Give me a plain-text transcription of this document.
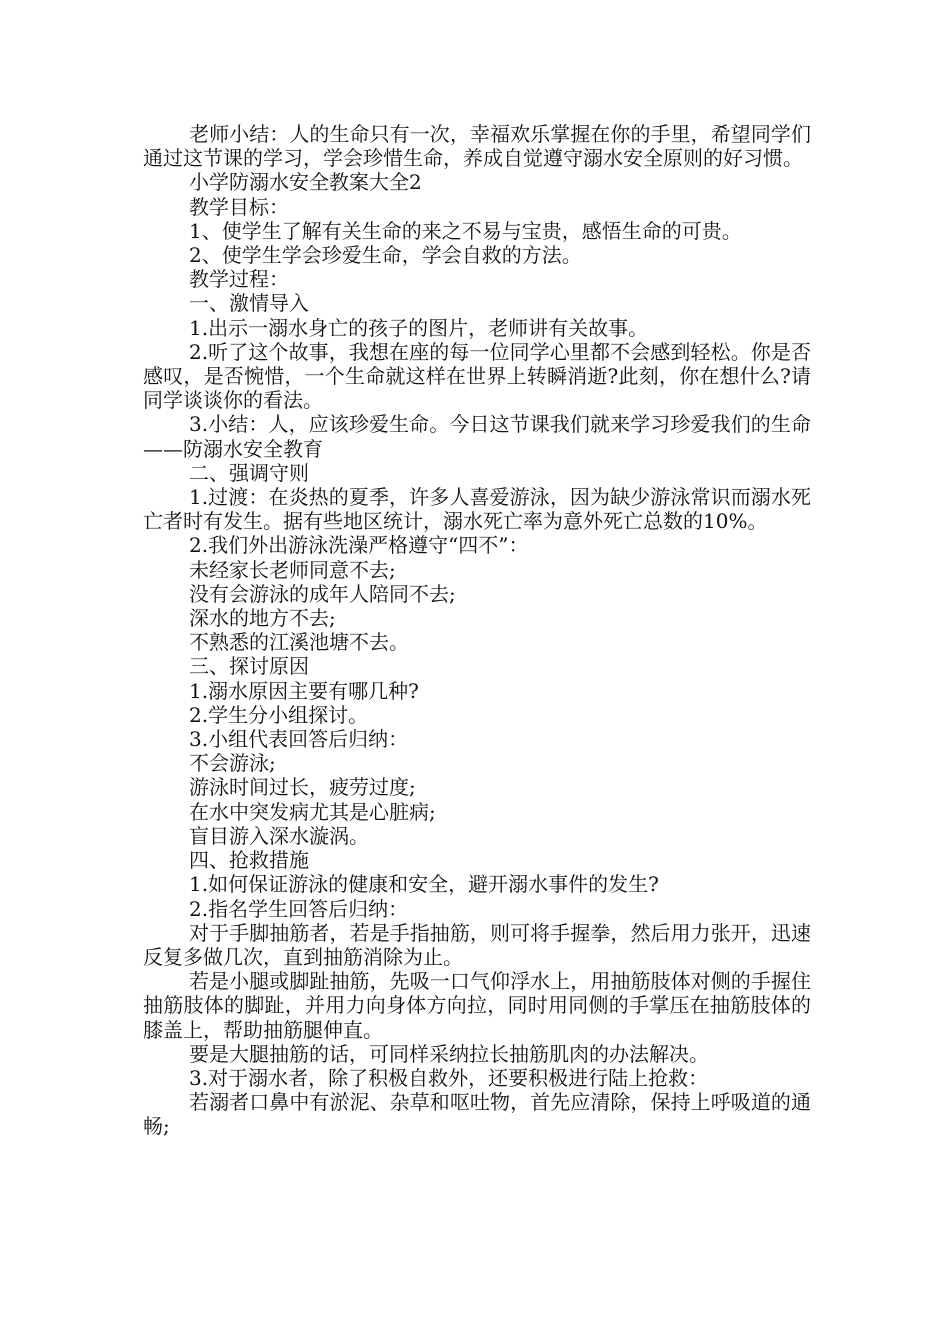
老师小结：人的生命只有一次，幸福欢乐掌握在你的手里，希望同学们通过这节课的学习，学会珍惜生命，养成自觉遵守溺水安全原则的好习惯。

小学防溺水安全教案大全2

教学目标：

1、使学生了解有关生命的来之不易与宝贵，感悟生命的可贵。

2、使学生学会珍爱生命，学会自救的方法。

教学过程：

一、激情导入

1.出示一溺水身亡的孩子的图片，老师讲有关故事。

2.听了这个故事，我想在座的每一位同学心里都不会感到轻松。你是否感叹，是否惋惜，一个生命就这样在世界上转瞬消逝?此刻，你在想什么?请同学谈谈你的看法。

3.小结：人，应该珍爱生命。今日这节课我们就来学习珍爱我们的生命——防溺水安全教育

二、强调守则

1.过渡：在炎热的夏季，许多人喜爱游泳，因为缺少游泳常识而溺水死亡者时有发生。据有些地区统计，溺水死亡率为意外死亡总数的10%。

2.我们外出游泳洗澡严格遵守“四不”：

未经家长老师同意不去;

没有会游泳的成年人陪同不去;

深水的地方不去;

不熟悉的江溪池塘不去。

三、探讨原因

1.溺水原因主要有哪几种?

2.学生分小组探讨。

3.小组代表回答后归纳：

不会游泳;

游泳时间过长，疲劳过度;

在水中突发病尤其是心脏病;

盲目游入深水漩涡。

四、抢救措施

1.如何保证游泳的健康和安全，避开溺水事件的发生?

2.指名学生回答后归纳：

对于手脚抽筋者，若是手指抽筋，则可将手握拳，然后用力张开，迅速反复多做几次，直到抽筋消除为止。

若是小腿或脚趾抽筋，先吸一口气仰浮水上，用抽筋肢体对侧的手握住抽筋肢体的脚趾，并用力向身体方向拉，同时用同侧的手掌压在抽筋肢体的膝盖上，帮助抽筋腿伸直。

要是大腿抽筋的话，可同样采纳拉长抽筋肌肉的办法解决。

3.对于溺水者，除了积极自救外，还要积极进行陆上抢救：

若溺者口鼻中有淤泥、杂草和呕吐物，首先应清除，保持上呼吸道的通畅;
